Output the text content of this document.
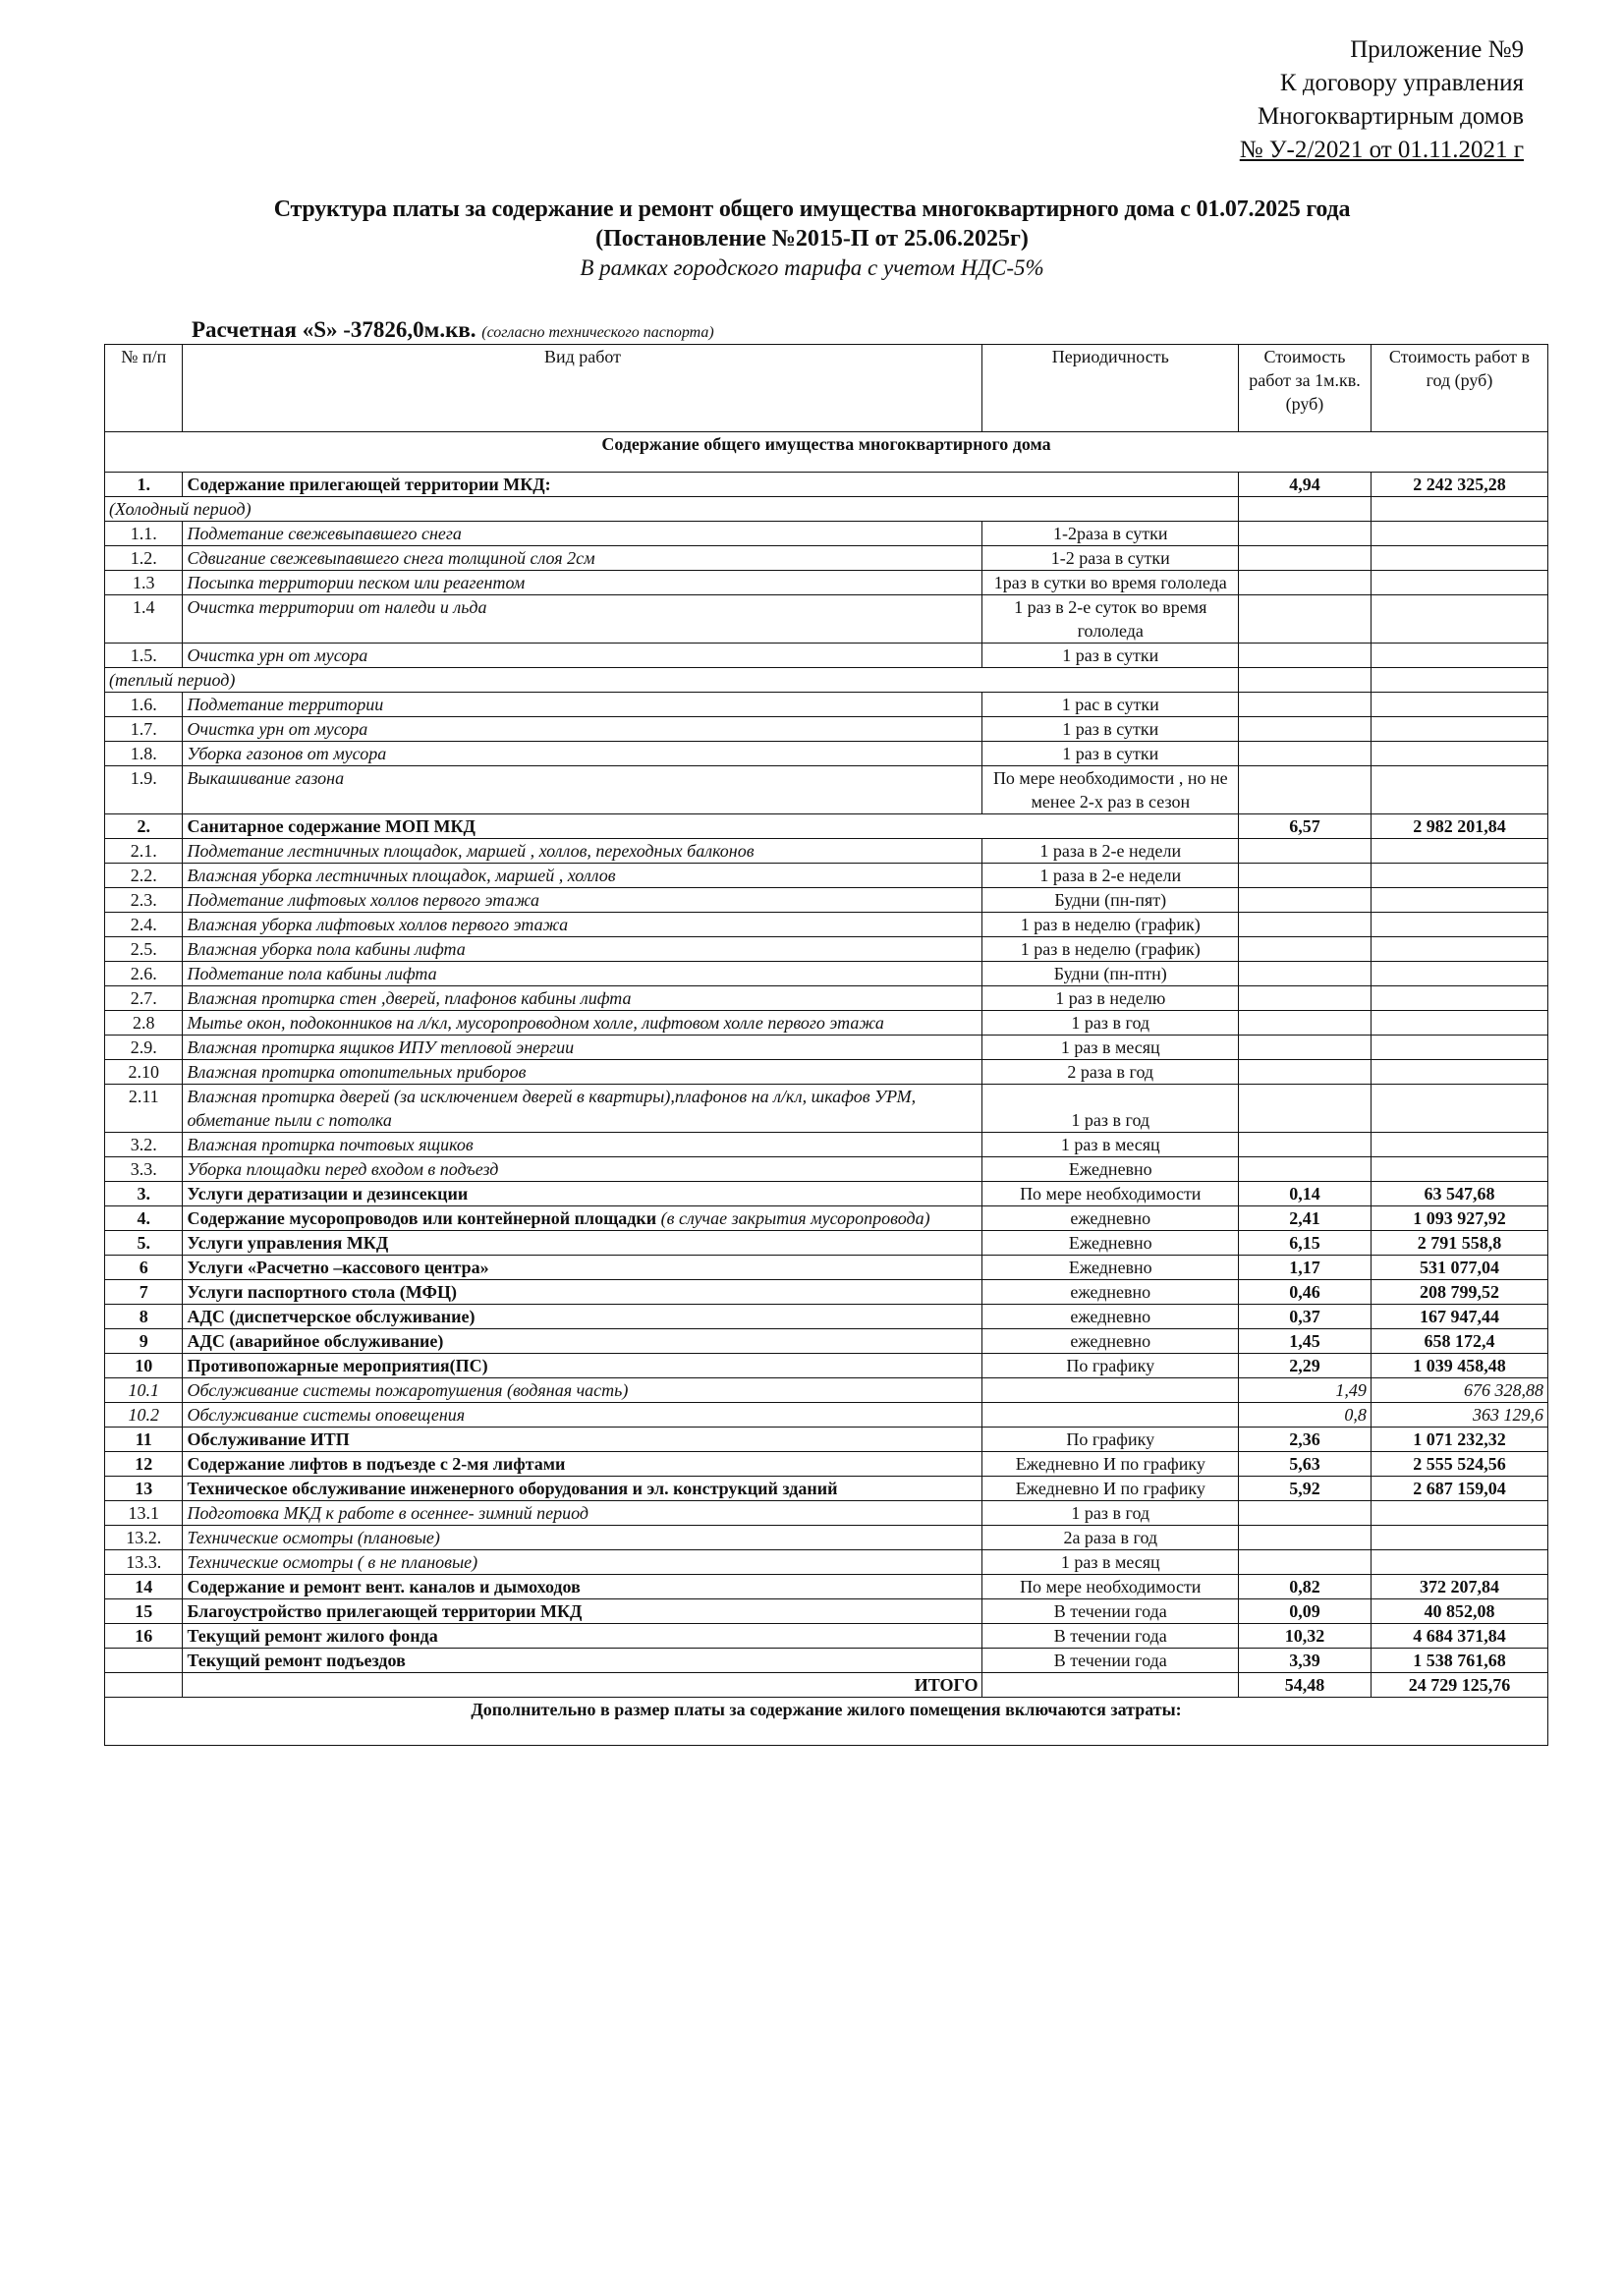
Приложение №9
К договору управления
Многоквартирным домов
№ У-2/2021 от 01.11.2021 г
Структура платы за содержание и ремонт общего имущества многоквартирного дома с 01.07.2025 года
(Постановление №2015-П от 25.06.2025г)
В рамках городского тарифа с учетом НДС-5%
Расчетная «S» -37826,0м.кв. (согласно технического паспорта)
№ п/п	Вид работ	Периодичность	Стоимость работ за 1м.кв.(руб)	Стоимость работ в год (руб)
Содержание общего имущества многоквартирного дома				
1.	Содержание прилегающей территории МКД:		4,94	2 242 325,28
(Холодный период)				
1.1.	Подметание свежевыпавшего снега	1-2раза в сутки		
1.2.	Сдвигание свежевыпавшего снега толщиной слоя 2см	1-2 раза в сутки		
1.3	Посыпка территории песком или реагентом	1раз в сутки во время гололеда		
1.4	Очистка территории от наледи и льда	1 раз в 2-е суток во время гололеда		
1.5.	Очистка урн от мусора	1 раз в сутки		
(теплый период)				
1.6.	Подметание территории	1 рас в сутки		
1.7.	Очистка урн от мусора	1 раз в сутки		
1.8.	Уборка газонов от мусора	1 раз в сутки		
1.9.	Выкашивание газона	По мере необходимости , но не менее 2-х раз в сезон		
2.	Санитарное содержание МОП МКД		6,57	2 982 201,84
2.1.	Подметание лестничных площадок, маршей , холлов, переходных балконов	1 раза в 2-е недели		
2.2.	Влажная уборка лестничных площадок, маршей , холлов	1 раза в 2-е недели		
2.3.	Подметание лифтовых холлов первого этажа	Будни (пн-пят)		
2.4.	Влажная уборка лифтовых холлов первого этажа	1 раз в неделю (график)		
2.5.	Влажная уборка пола кабины лифта	1 раз в неделю (график)		
2.6.	Подметание пола кабины лифта	Будни (пн-птн)		
2.7.	Влажная протирка стен ,дверей, плафонов кабины лифта	1 раз в неделю		
2.8	Мытье окон, подоконников на л/кл, мусоропроводном холле, лифтовом холле первого этажа	1 раз в год		
2.9.	Влажная протирка ящиков ИПУ тепловой энергии	1 раз в месяц		
2.10	Влажная протирка отопительных приборов	2 раза в год		
2.11	Влажная протирка дверей (за исключением дверей в квартиры),плафонов на л/кл, шкафов УРМ, обметание пыли с потолка	1 раз в год		
3.2.	Влажная протирка почтовых ящиков	1 раз в месяц		
3.3.	Уборка площадки перед входом в подъезд	Ежедневно		
3.	Услуги дератизации и дезинсекции	По мере необходимости	0,14	63 547,68
4.	Содержание мусоропроводов или контейнерной площадки (в случае закрытия мусоропровода)	ежедневно	2,41	1 093 927,92
5.	Услуги управления МКД	Ежедневно	6,15	2 791 558,8
6	Услуги «Расчетно –кассового центра»	Ежедневно	1,17	531 077,04
7	Услуги паспортного стола (МФЦ)	ежедневно	0,46	208 799,52
8	АДС (диспетчерское обслуживание)	ежедневно	0,37	167 947,44
9	АДС (аварийное обслуживание)	ежедневно	1,45	658 172,4
10	Противопожарные мероприятия(ПС)	По графику	2,29	1 039 458,48
10.1	Обслуживание системы пожаротушения (водяная часть)		1,49	676 328,88
10.2	Обслуживание системы оповещения		0,8	363 129,6
11	Обслуживание ИТП	По графику	2,36	1 071 232,32
12	Содержание лифтов в подъезде с 2-мя лифтами	Ежедневно И по графику	5,63	2 555 524,56
13	Техническое обслуживание инженерного оборудования и эл. конструкций зданий	Ежедневно И по графику	5,92	2 687 159,04
13.1	Подготовка МКД к работе в осеннее- зимний период	1 раз в год		
13.2.	Технические осмотры (плановые)	2а раза в год		
13.3.	Технические осмотры ( в не плановые)	1 раз в месяц		
14	Содержание и ремонт вент. каналов и дымоходов	По мере необходимости	0,82	372 207,84
15	Благоустройство прилегающей территории МКД	В течении года	0,09	40 852,08
16	Текущий ремонт жилого фонда	В течении года	10,32	4 684 371,84
	Текущий ремонт подъездов	В течении года	3,39	1 538 761,68
	ИТОГО		54,48	24 729 125,76
Дополнительно в размер платы за содержание жилого помещения включаются затраты:				
